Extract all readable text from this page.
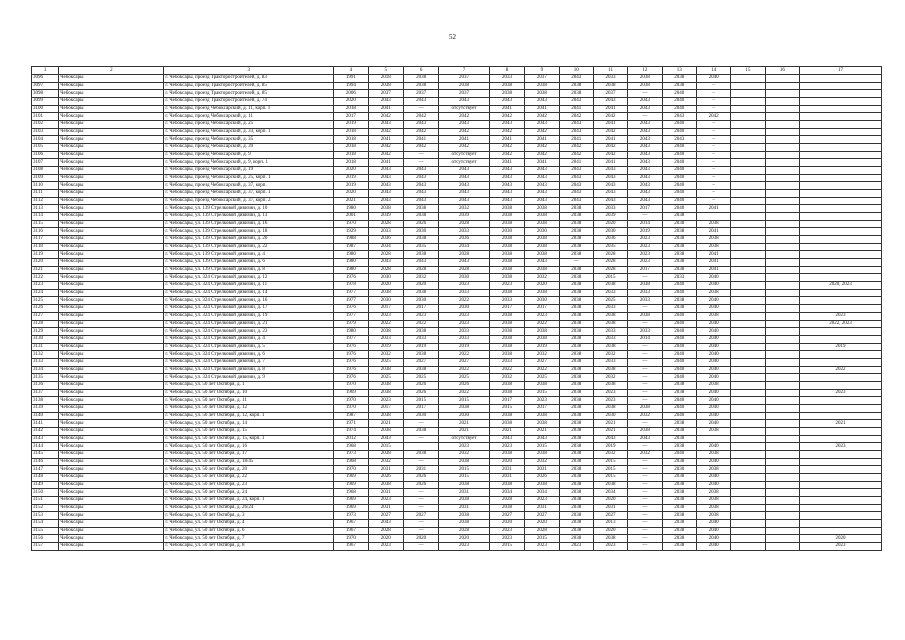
52
1	2	3	4	5	6	7	8	9	10	11	12	13	14	15	16	17
3096	Чебоксары	г. Чебоксары, проезд Тракторостроителей, д. 83	1991	2018	2038	2037	2033	2037	2043	2033	2038	2038	2040			
3097	Чебоксары	г. Чебоксары, проезд Тракторостроителей, д. 85	1994	2038	2038	2038	2038	2038	2038	2038	2038	2038	–			
3098	Чебоксары	г. Чебоксары, проезд Тракторостроителей, д. 85	2006	2037	2037	2037	2038	2038	2038	2037	—	2040	–			
3099	Чебоксары	г. Чебоксары, проезд Тракторостроителей, д. 74	2020	2043	2043	2043	2043	2043	2043	2043	2043	2040	–			
3100	Чебоксары	г. Чебоксары, проезд Чебоксарский, д. 11, корп. 1	2018	2041	—	отсутствует	2041	2041	2041	2041	2043	2040	–			
3101	Чебоксары	г. Чебоксары, проезд Чебоксарский, д. 11	2017	2042	2042	2042	2042	2042	2042	2042	—	2043	2042			
3102	Чебоксары	г. Чебоксары, проезд Чебоксарский, д. 25	2019	2043	2043	2043	2043	2043	2043	2041	2043	2040	–			
3103	Чебоксары	г. Чебоксары, проезд Чебоксарский, д. 33, корп. 1	2018	2042	2042	2042	2042	2042	2043	2042	2043	2040	–			
3104	Чебоксары	г. Чебоксары, проезд Чебоксарский, д. 35	2018	2041	2041	2041	2041	2041	2041	2041	2043	2043	–			
3105	Чебоксары	г. Чебоксары, проезд Чебоксарский, д. 39	2018	2042	2042	2042	2042	2042	2042	2042	2043	2040	–			
3106	Чебоксары	г. Чебоксары, проезд Чебоксарский, д. 9	2018	2042	—	отсутствует	2042	2042	2042	2042	2043	2040	–			
3107	Чебоксары	г. Чебоксары, проезд Чебоксарский, д. 9, корп. 1	2018	2041	—	отсутствует	2041	2041	2041	2041	2043	2040	–			
3108	Чебоксары	г. Чебоксары, проезд Чебоксарский, д. 19	2020	2043	2043	2043	2043	2043	2043	2043	2043	2040	–			
3109	Чебоксары	г. Чебоксары, проезд Чебоксарский, д. 25, корп. 1	2019	2043	2043	2043	2043	2043	2043	2043	2043	2040	–			
3110	Чебоксары	г. Чебоксары, проезд Чебоксарский, д. 37, корп.	2019	2043	2043	2043	2043	2043	2043	2043	2043	2040	–			
3111	Чебоксары	г. Чебоксары, проезд Чебоксарский, д. 37, корп. 1	2020	2043	2043	2043	2043	2043	2043	2043	2043	2040	–			
3112	Чебоксары	г. Чебоксары, проезд Чебоксарский, д. 37, корп. 2	2021	2043	2043	2043	2043	2043	2043	2043	2043	2040	–			
3113	Чебоксары	г. Чебоксары, ул. 139 Стрелковой дивизии, д. 10	1980	2038	2038	2032	2038	2038	2038	2033	2017	2040	2041			
3114	Чебоксары	г. Чебоксары, ул. 139 Стрелковой дивизии, д. 13	2001	2039	2038	2039	2038	2038	2038	2039	—	2038				
3115	Чебоксары	г. Чебоксары, ул. 139 Стрелковой дивизии, д. 16	1970	2028	2026	2028	2038	2038	2038	2020	2014	2038	2038			
3116	Чебоксары	г. Чебоксары, ул. 139 Стрелковой дивизии, д. 18	1929	2033	2030	2033	2030	2030	2038	2030	2019	2038	2041			
3117	Чебоксары	г. Чебоксары, ул. 139 Стрелковой дивизии, д. 20	1988	2036	2038	2036	2038	2038	2038	2036	2023	2038	2038			
3118	Чебоксары	г. Чебоксары, ул. 139 Стрелковой дивизии, д. 22	1987	2034	2035	2034	2038	2038	2038	2035	2023	2038	2038			
3119	Чебоксары	г. Чебоксары, ул. 139 Стрелковой дивизии, д. 4	1980	2028	2038	2028	2038	2038	2038	2028	2023	2038	2041			
3120	Чебоксары	г. Чебоксары, ул. 139 Стрелковой дивизии, д. 6	1980	2043	2043	2043	2038	2043	—	2028	2023	2038	2041			
3121	Чебоксары	г. Чебоксары, ул. 139 Стрелковой дивизии, д. 8	1980	2028	2028	2028	2038	2038	2038	2028	2017	2038	2041			
3122	Чебоксары	г. Чебоксары, ул. 324 Стрелковой дивизии, д. 12	1976	2030	2032	2030	2038	2032	2038	2015	—	2033	2040			
3123	Чебоксары	г. Чебоксары, ул. 324 Стрелковой дивизии, д. 11	1978	2020	2020	2023	2023	2020	2038	2038	2038	2040	2040			2020, 2023
3124	Чебоксары	г. Чебоксары, ул. 324 Стрелковой дивизии, д. 14	1977	2038	2038	2033	2038	2038	2038	2033	2033	2040	2038			
3125	Чебоксары	г. Чебоксары, ул. 324 Стрелковой дивизии, д. 16	1977	2030	2030	2022	2033	2030	2038	2025	2033	2038	2040			
3126	Чебоксары	г. Чебоксары, ул. 324 Стрелковой дивизии, д. 17	1976	2017	2017	2030	2017	2017	2038	2033	—	2038	2040			
3127	Чебоксары	г. Чебоксары, ул. 324 Стрелковой дивизии, д. 19	1977	2023	2023	2023	2038	2023	2038	2038	2038	2040	2038			2023
3128	Чебоксары	г. Чебоксары, ул. 324 Стрелковой дивизии, д. 21	1979	2022	2022	2023	2038	2022	2038	2038	—	2040	2040			2022, 2023
3129	Чебоксары	г. Чебоксары, ул. 324 Стрелковой дивизии, д. 23	1980	2038	2038	2033	2038	2038	2038	2033	2033	2040	2040			
3130	Чебоксары	г. Чебоксары, ул. 324 Стрелковой дивизии, д. 4	1977	2033	2033	2033	2038	2038	2038	2033	2014	2040	2040			
3131	Чебоксары	г. Чебоксары, ул. 324 Стрелковой дивизии, д. 5	1976	2019	2019	2019	2038	2019	2038	2038	—	2040	2040			2019
3132	Чебоксары	г. Чебоксары, ул. 324 Стрелковой дивизии, д. 6	1976	2032	2038	2022	2038	2032	2038	2032	—	2040	2040			
3133	Чебоксары	г. Чебоксары, ул. 324 Стрелковой дивизии, д. 7	1976	2025	2027	2027	2033	2027	2038	2033	—	2040	2040			
3134	Чебоксары	г. Чебоксары, ул. 324 Стрелковой дивизии, д. 8	1976	2038	2038	2022	2022	2022	2038	2038	—	2040	2040			2022
3135	Чебоксары	г. Чебоксары, ул. 324 Стрелковой дивизии, д. 9	1976	2025	2025	2025	2032	2025	2038	2032	—	2040	2040			
3136	Чебоксары	г. Чебоксары, ул. 50 лет Октября, д. 1	1970	2038	2026	2026	2038	2038	2038	2038	—	2038	2038			
3137	Чебоксары	г. Чебоксары, ул. 50 лет Октября, д. 10	1969	2038	2026	2022	2038	2015	2038	2023	—	2038	2040			2023
3138	Чебоксары	г. Чебоксары, ул. 50 лет Октября, д. 11	1970	2023	2015	2015	2017	2023	2038	2023	—	2040	2040			
3139	Чебоксары	г. Чебоксары, ул. 50 лет Октября, д. 12	1970	2017	2017	2038	2015	2017	2038	2038	2038	2040	2040			
3140	Чебоксары	г. Чебоксары, ул. 50 лет Октября, д. 12, корп. 1	1987	2038	2030	2030	2038	2038	2038	2030	2032	2040	2040			
3141	Чебоксары	г. Чебоксары, ул. 50 лет Октября, д. 14	1971	2021	—	2021	2038	2038	2038	2021	—	2038	2040			2021
3142	Чебоксары	г. Чебоксары, ул. 50 лет Октября, д. 15	1974	2038	2038	2021	2021	2021	2038	2021	2038	2038	2038			
3143	Чебоксары	г. Чебоксары, ул. 50 лет Октября, д. 15, корп. 1	2012	2043	—	отсутствует	2043	2043	2038	2043	2043	2038				
3144	Чебоксары	г. Чебоксары, ул. 50 лет Октября, д. 16	1968	2015		2023	2023	2015	2038	2019	—	2038	2040			2023
3145	Чебоксары	г. Чебоксары, ул. 50 лет Октября, д. 17	1973	2038	2038	2032	2038	2038	2038	2032	2032	2040	2038			
3146	Чебоксары	г. Чебоксары, ул. 50 лет Октября, д. 18/45	1968	2032	—	2038	2020	2032	2038	2015	—	2038	2040			
3147	Чебоксары	г. Чебоксары, ул. 50 лет Октября, д. 20	1970	2031	2031	2015	2031	2031	2038	2015	—	2030	2038			
3148	Чебоксары	г. Чебоксары, ул. 50 лет Октября, д. 22	1969	2026	2026	2015	2031	2026	2038	2015	—	2038	2040			
3149	Чебоксары	г. Чебоксары, ул. 50 лет Октября, д. 23	1969	2038	2026	2038	2038	2038	2038	2038	—	2038	2040			
3150	Чебоксары	г. Чебоксары, ул. 50 лет Октября, д. 24	1968	2031	—	2031	2034	2034	2038	2034	—	2038	2038			
3151	Чебоксары	г. Чебоксары, ул. 50 лет Октября, д. 24, корп. 1	1969	2023	—	2038	2028	2023	2038	2020	—	2038	2038			
3152	Чебоксары	г. Чебоксары, ул. 50 лет Октября, д. 26/24	1969	2031	—	2031	2038	2031	2038	2031	—	2038	2038			
3153	Чебоксары	г. Чебоксары, ул. 50 лет Октября, д. 3	1973	2027	2027	2038	2027	2027	2038	2027	—	2038	2038			
3154	Чебоксары	г. Чебоксары, ул. 50 лет Октября, д. 4	1967	2043	—	2038	2020	2020	2038	2013	—	2038	2040			
3155	Чебоксары	г. Чебоксары, ул. 50 лет Октября, д. 6	1967	2028	—	2028	2023	2028	2038	2020	—	2038	2040			
3156	Чебоксары	г. Чебоксары, ул. 50 лет Октября, д. 7	1970	2020	2020	2020	2023	2015	2038	2038	—	2038	2040			2020
3157	Чебоксары	г. Чебоксары, ул. 50 лет Октября, д. 8	1967	2023	—	2023	2015	2023	2023	2023	—	2038	2040			2023
